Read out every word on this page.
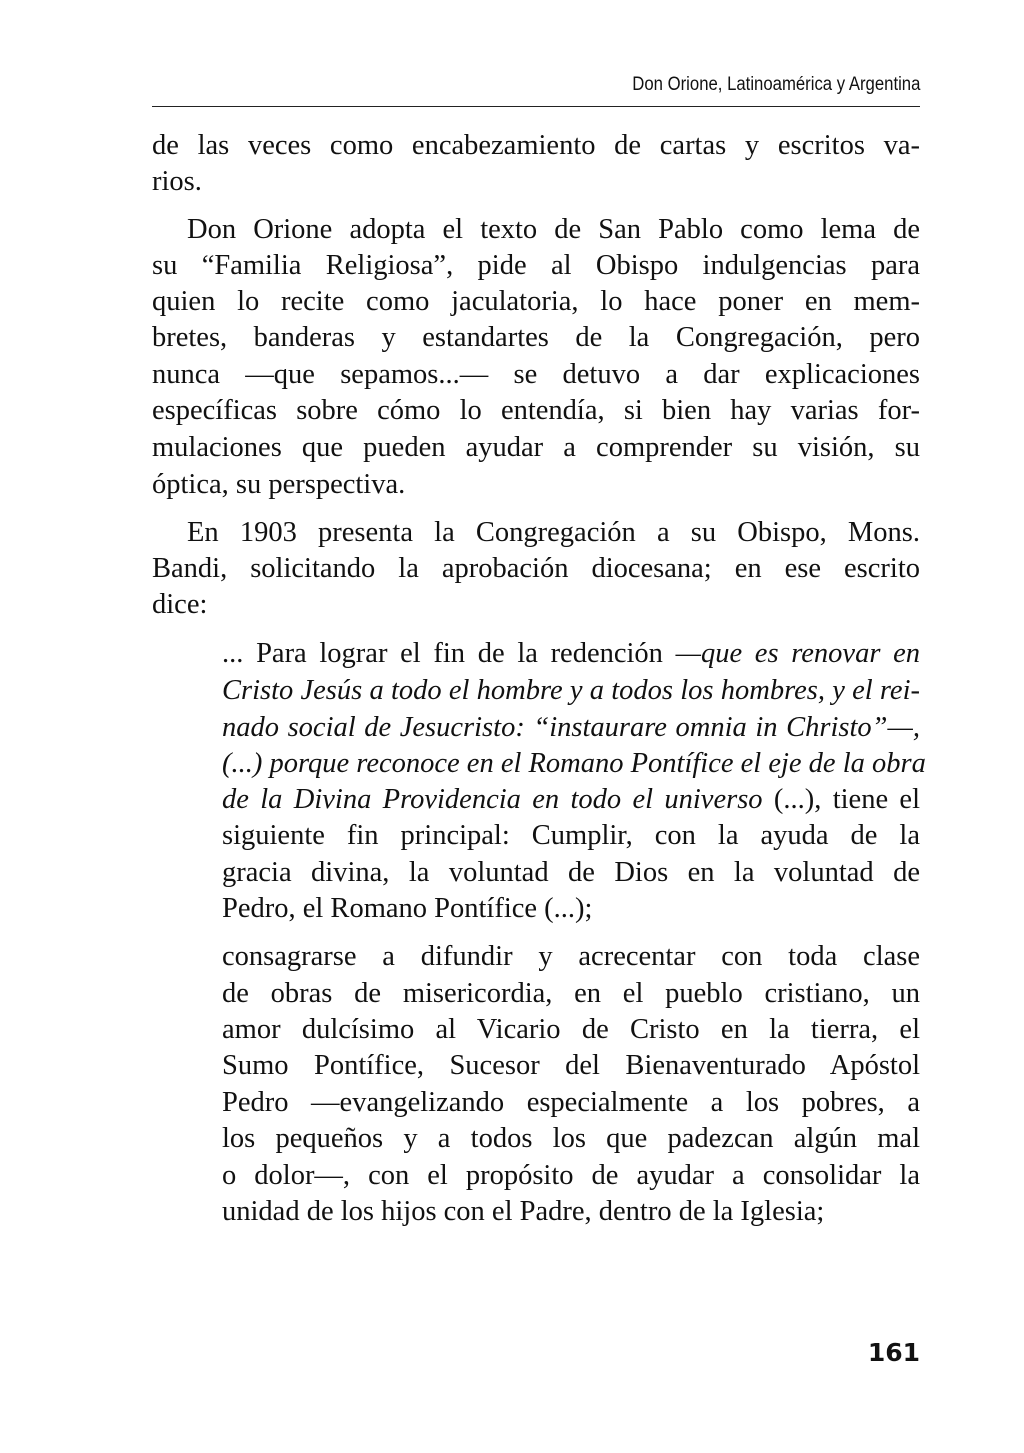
Don Orione, Latinoamérica y Argentina
de las veces como encabezamiento de cartas y escritos va-
rios.
Don Orione adopta el texto de San Pablo como lema de
su “Familia Religiosa”, pide al Obispo indulgencias para
quien lo recite como jaculatoria, lo hace poner en mem-
bretes, banderas y estandartes de la Congregación, pero
nunca —que sepamos...— se detuvo a dar explicaciones
específicas sobre cómo lo entendía, si bien hay varias for-
mulaciones que pueden ayudar a comprender su visión, su
óptica, su perspectiva.
En 1903 presenta la Congregación a su Obispo, Mons.
Bandi, solicitando la aprobación diocesana; en ese escrito
dice:
... Para lograr el fin de la redención —que es renovar en
Cristo Jesús a todo el hombre y a todos los hombres, y el rei-
nado social de Jesucristo: “instaurare omnia in Christo”—,
(...) porque reconoce en el Romano Pontífice el eje de la obra
de la Divina Providencia en todo el universo (...), tiene el
siguiente fin principal: Cumplir, con la ayuda de la
gracia divina, la voluntad de Dios en la voluntad de
Pedro, el Romano Pontífice (...);
consagrarse a difundir y acrecentar con toda clase
de obras de misericordia, en el pueblo cristiano, un
amor dulcísimo al Vicario de Cristo en la tierra, el
Sumo Pontífice, Sucesor del Bienaventurado Apóstol
Pedro —evangelizando especialmente a los pobres, a
los pequeños y a todos los que padezcan algún mal
o dolor—, con el propósito de ayudar a consolidar la
unidad de los hijos con el Padre, dentro de la Iglesia;
161
